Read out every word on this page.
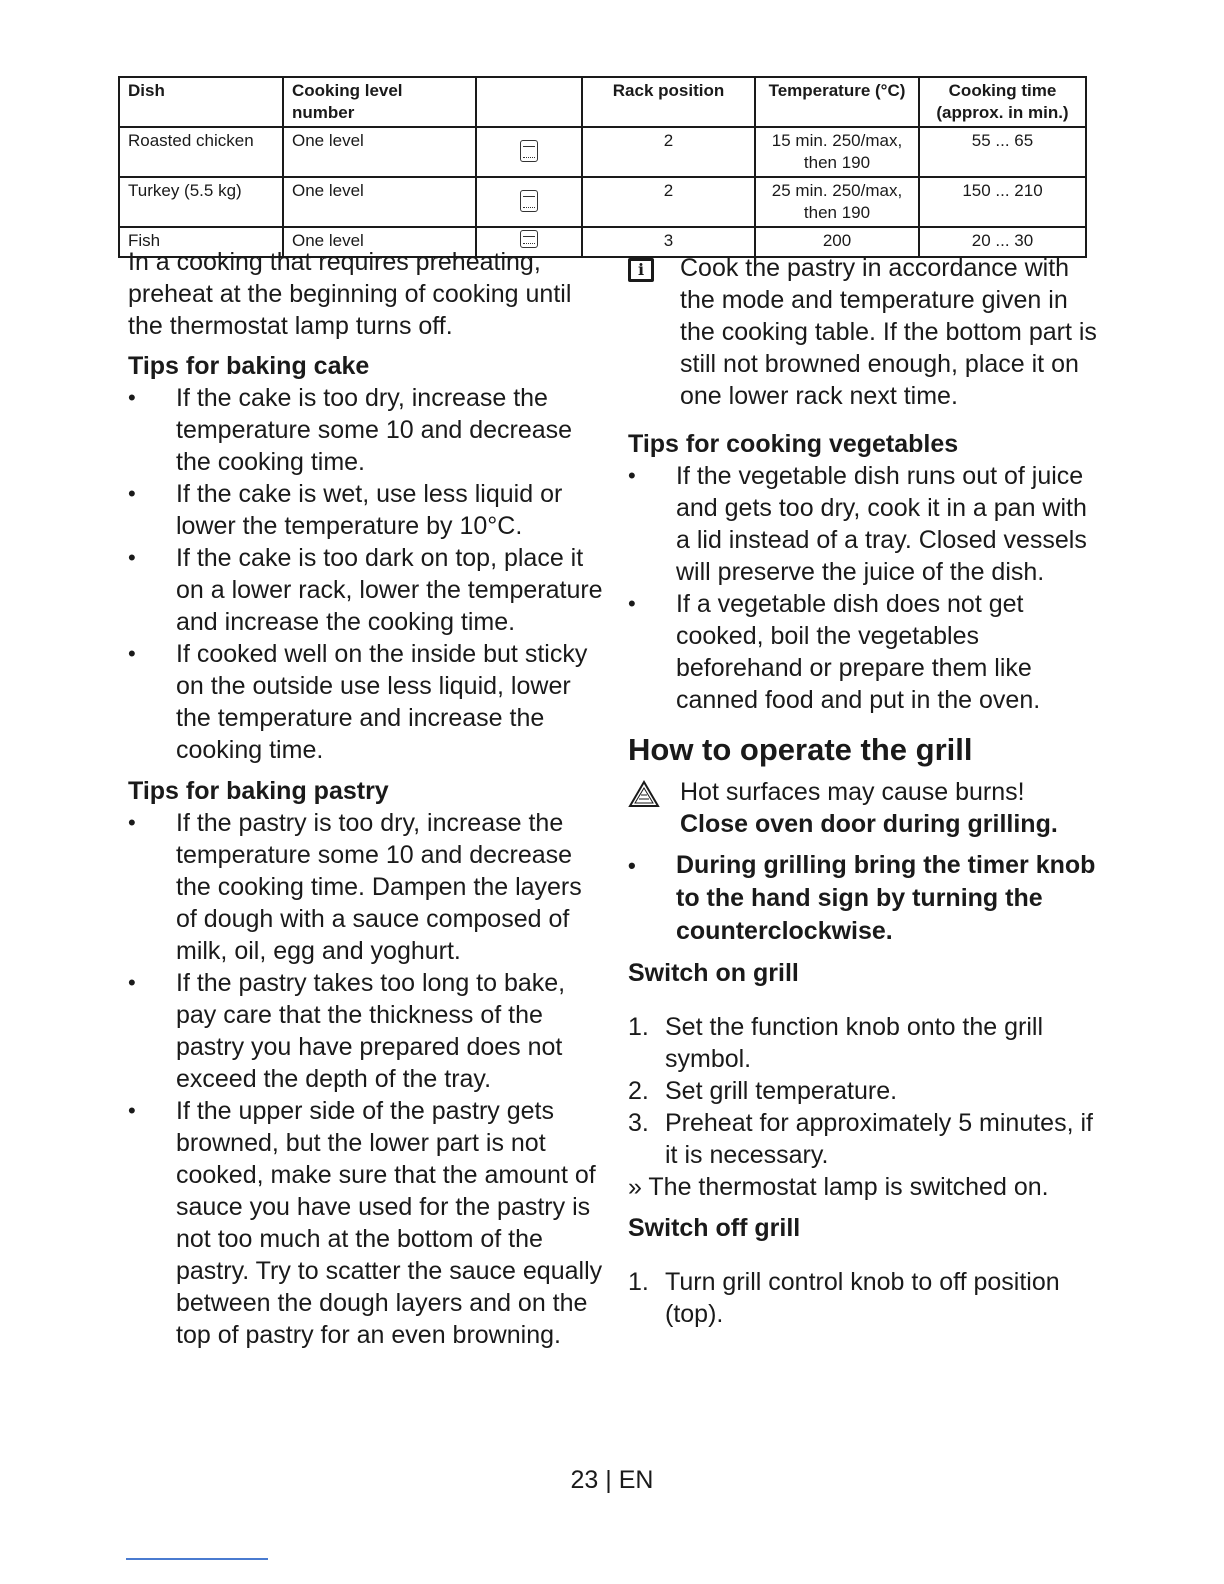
Dish	Cooking level number		Rack position	Temperature (°C)	Cooking time (approx. in min.)
Roasted chicken	One level		2	15 min. 250/max, then 190	55 ... 65
Turkey (5.5 kg)	One level		2	25 min. 250/max, then 190	150 ... 210
Fish	One level		3	200	20 ... 30

In a cooking that requires preheating, preheat at the beginning of cooking until the thermostat lamp turns off.

Tips for baking cake
• If the cake is too dry, increase the temperature some 10 and decrease the cooking time.
• If the cake is wet, use less liquid or lower the temperature by 10°C.
• If the cake is too dark on top, place it on a lower rack, lower the temperature and increase the cooking time.
• If cooked well on the inside but sticky on the outside use less liquid, lower the temperature and increase the cooking time.
Tips for baking pastry
• If the pastry is too dry, increase the temperature some 10 and decrease the cooking time. Dampen the layers of dough with a sauce composed of milk, oil, egg and yoghurt.
• If the pastry takes too long to bake, pay care that the thickness of the pastry you have prepared does not exceed the depth of the tray.
• If the upper side of the pastry gets browned, but the lower part is not cooked, make sure that the amount of sauce you have used for the pastry is not too much at the bottom of the pastry. Try to scatter the sauce equally between the dough layers and on the top of pastry for an even browning.
i	Cook the pastry in accordance with the mode and temperature given in the cooking table. If the bottom part is still not browned enough, place it on one lower rack next time.

Tips for cooking vegetables
• If the vegetable dish runs out of juice and gets too dry, cook it in a pan with a lid instead of a tray. Closed vessels will preserve the juice of the dish.
• If a vegetable dish does not get cooked, boil the vegetables beforehand or prepare them like canned food and put in the oven.
How to operate the grill

Hot surfaces may cause burns!

Close oven door during grilling.

• During grilling bring the timer knob to the hand sign by turning the counterclockwise.
Switch on grill
1. Set the function knob onto the grill symbol.
2. Set grill temperature.
3. Preheat for approximately 5 minutes, if it is necessary.

» The thermostat lamp is switched on.

Switch off grill
1. Turn grill control knob to off position (top).
23 | EN
